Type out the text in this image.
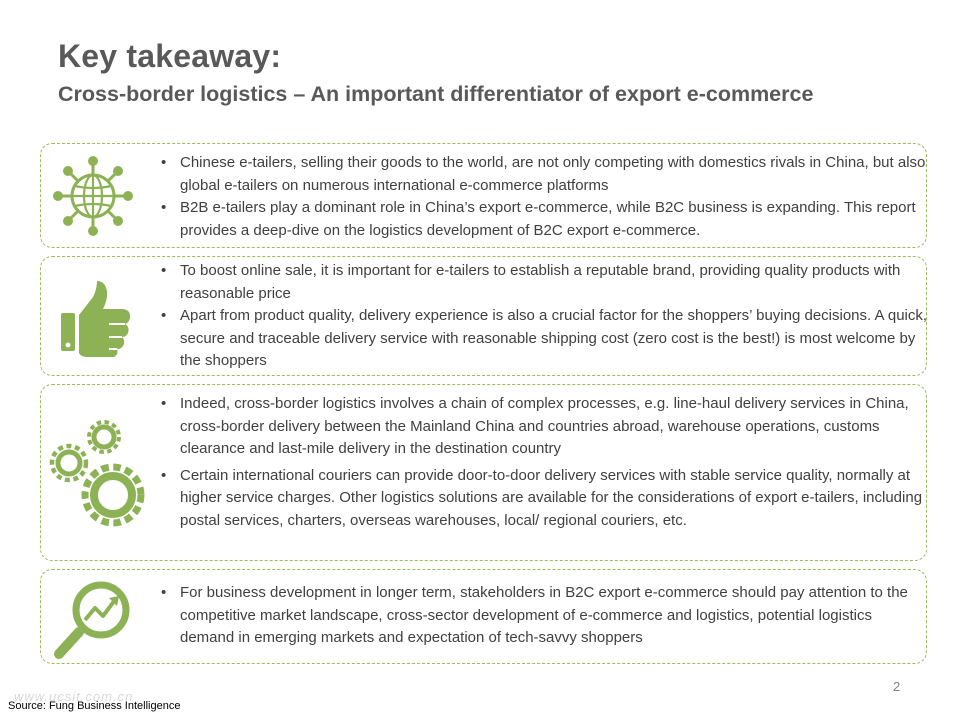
Key takeaway:
Cross-border logistics – An important differentiator of export e-commerce
• Chinese e-tailers, selling their goods to the world, are not only competing with domestics rivals in China, but also global e-tailers on numerous international e-commerce platforms
• B2B e-tailers play a dominant role in China’s export e-commerce, while B2C business is expanding. This report provides a deep-dive on the logistics development of B2C export e-commerce.
• To boost online sale, it is important for e-tailers to establish a reputable brand, providing quality products with reasonable price
• Apart from product quality, delivery experience is also a crucial factor for the shoppers’ buying decisions. A quick, secure and traceable delivery service with reasonable shipping cost (zero cost is the best!) is most welcome by the shoppers
• Indeed, cross-border logistics involves a chain of complex processes, e.g. line-haul delivery services in China, cross-border delivery between the Mainland China and countries abroad, warehouse operations, customs clearance and last-mile delivery in the destination country
• Certain international couriers can provide door-to-door delivery services with stable service quality, normally at higher service charges. Other logistics solutions are available for the considerations of export e-tailers, including postal services, charters, overseas warehouses, local/ regional couriers, etc.
• For business development in longer term, stakeholders in B2C export e-commerce should pay attention to the competitive market landscape, cross-sector development of e-commerce and logistics, potential logistics demand in emerging markets and expectation of tech-savvy shoppers
www.ucsit.com.cn
2
Source: Fung Business Intelligence
